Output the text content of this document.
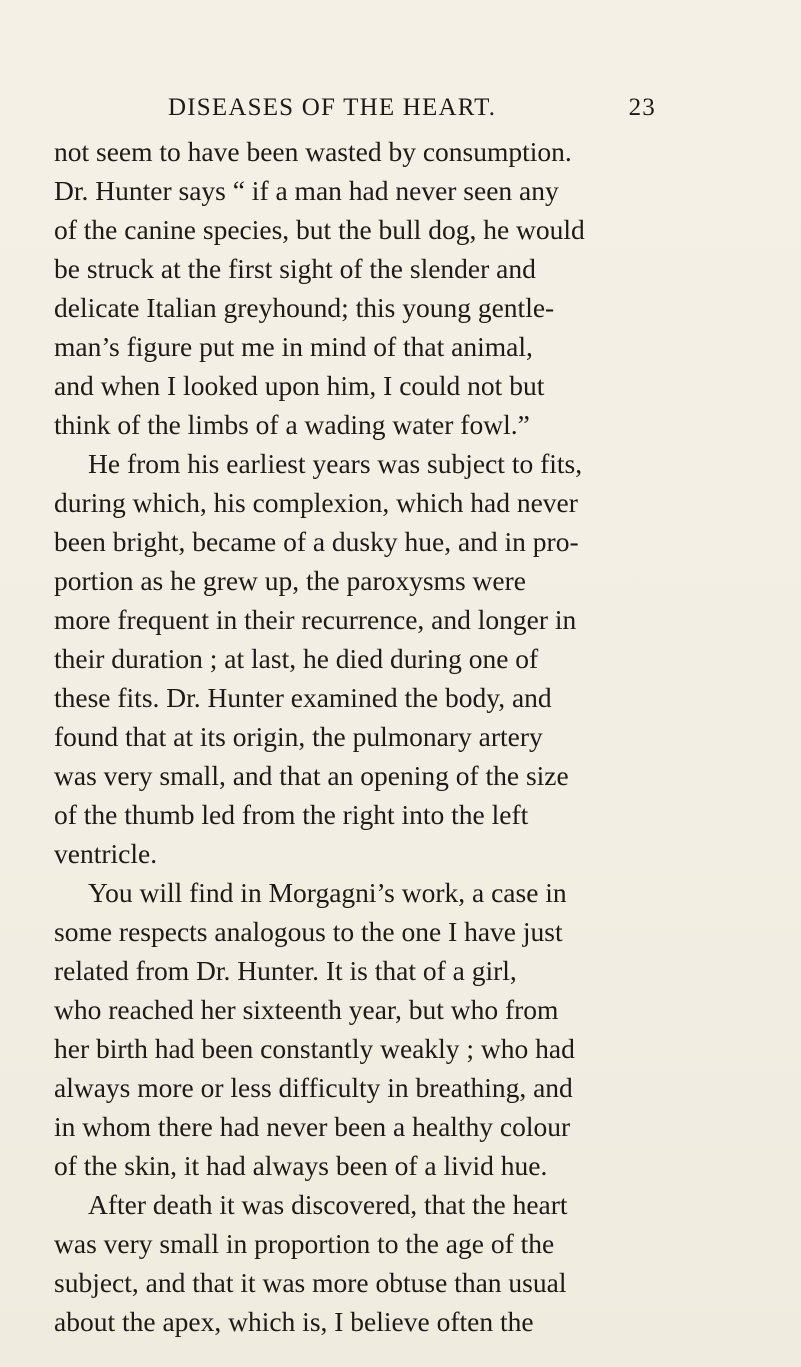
DISEASES OF THE HEART.	23
not seem to have been wasted by consumption.
Dr. Hunter says “ if a man had never seen any
of the canine species, but the bull dog, he would
be struck at the first sight of the slender and
delicate Italian greyhound; this young gentle-
man’s figure put me in mind of that animal,
and when I looked upon him, I could not but
think of the limbs of a wading water fowl.”
He from his earliest years was subject to fits,
during which, his complexion, which had never
been bright, became of a dusky hue, and in pro-
portion as he grew up, the paroxysms were
more frequent in their recurrence, and longer in
their duration ; at last, he died during one of
these fits. Dr. Hunter examined the body, and
found that at its origin, the pulmonary artery
was very small, and that an opening of the size
of the thumb led from the right into the left
ventricle.
You will find in Morgagni’s work, a case in
some respects analogous to the one I have just
related from Dr. Hunter. It is that of a girl,
who reached her sixteenth year, but who from
her birth had been constantly weakly ; who had
always more or less difficulty in breathing, and
in whom there had never been a healthy colour
of the skin, it had always been of a livid hue.
After death it was discovered, that the heart
was very small in proportion to the age of the
subject, and that it was more obtuse than usual
about the apex, which is, I believe often the
